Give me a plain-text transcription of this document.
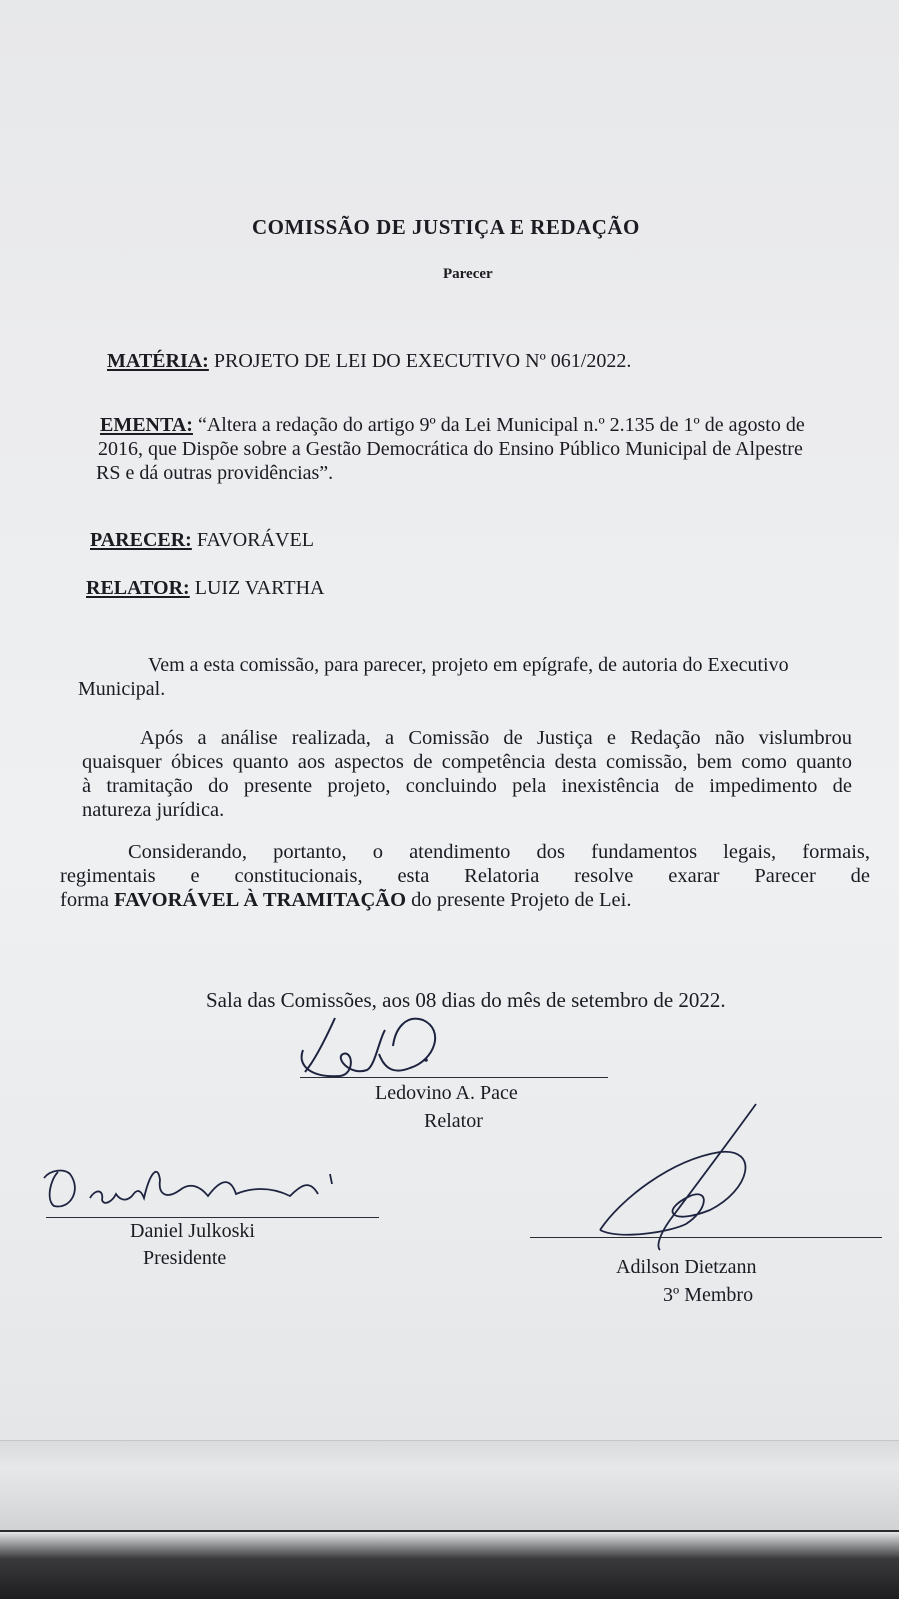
COMISSÃO DE JUSTIÇA E REDAÇÃO
Parecer
MATÉRIA: PROJETO DE LEI DO EXECUTIVO Nº 061/2022.
EMENTA: “Altera a redação do artigo 9º da Lei Municipal n.º 2.135 de 1º de agosto de
2016, que Dispõe sobre a Gestão Democrática do Ensino Público Municipal de Alpestre
RS e dá outras providências”.
PARECER: FAVORÁVEL
RELATOR: LUIZ VARTHA
Vem a esta comissão, para parecer, projeto em epígrafe, de autoria do Executivo
Municipal.
Após a análise realizada, a Comissão de Justiça e Redação não vislumbrou
quaisquer óbices quanto aos aspectos de competência desta comissão, bem como quanto
à tramitação do presente projeto, concluindo pela inexistência de impedimento de
natureza jurídica.
Considerando, portanto, o atendimento dos fundamentos legais, formais,
regimentais e constitucionais, esta Relatoria resolve exarar Parecer de
forma FAVORÁVEL À TRAMITAÇÃO do presente Projeto de Lei.
Sala das Comissões, aos 08 dias do mês de setembro de 2022.
Ledovino A. Pace
Relator
Daniel Julkoski
Presidente	Adilson Dietzann
3º Membro
